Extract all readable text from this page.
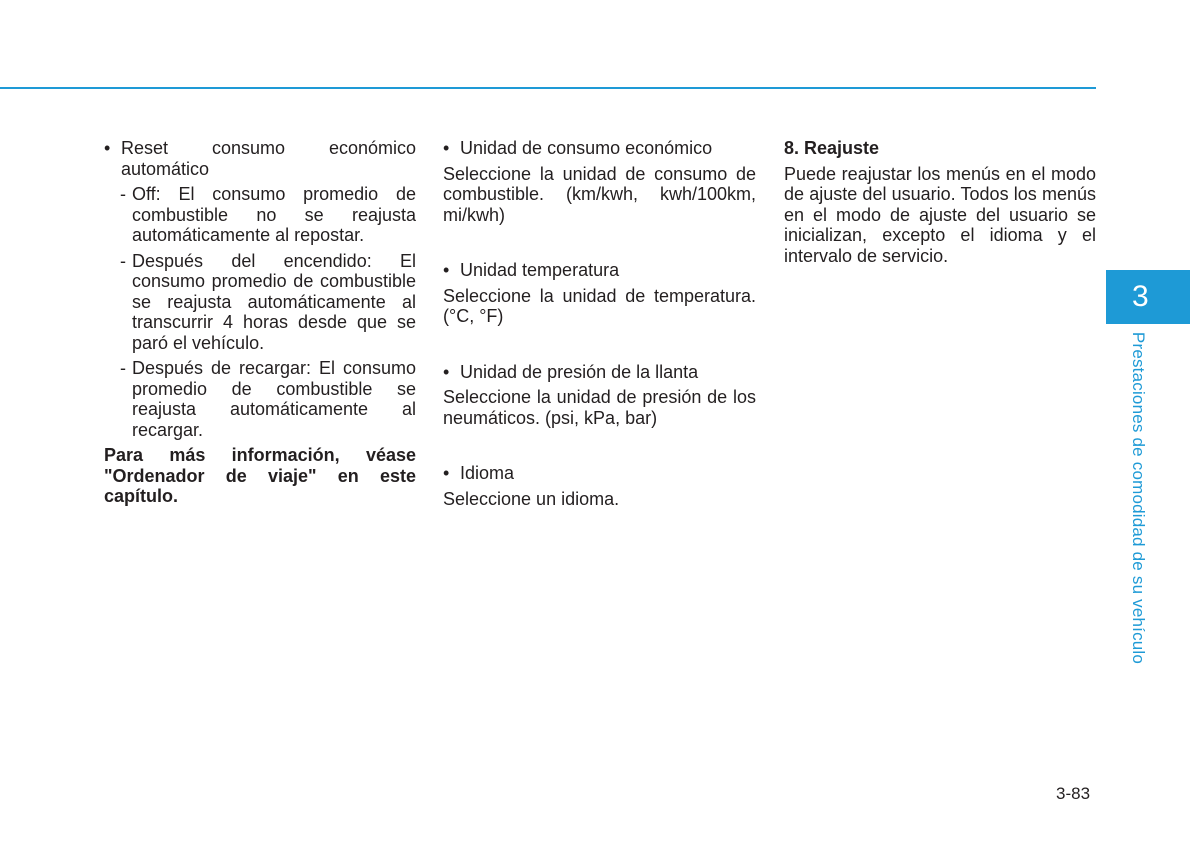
• Reset consumo económico automático
- Off: El consumo promedio de combustible no se reajusta automáticamente al repostar.
- Después del encendido: El consumo promedio de combustible se reajusta automáticamente al transcurrir 4 horas desde que se paró el vehículo.
- Después de recargar: El consumo promedio de combustible se reajusta automáticamente al recargar.
Para más información, véase "Ordenador de viaje" en este capítulo.
• Unidad de consumo económico
Seleccione la unidad de consumo de combustible. (km/kwh, kwh/100km, mi/kwh)
• Unidad temperatura
Seleccione la unidad de temperatura. (°C, °F)
• Unidad de presión de la llanta
Seleccione la unidad de presión de los neumáticos. (psi, kPa, bar)
• Idioma
Seleccione un idioma.
8. Reajuste
Puede reajustar los menús en el modo de ajuste del usuario. Todos los menús en el modo de ajuste del usuario se inicializan, excepto el idioma y el intervalo de servicio.
3
Prestaciones de comodidad de su vehículo
3-83
